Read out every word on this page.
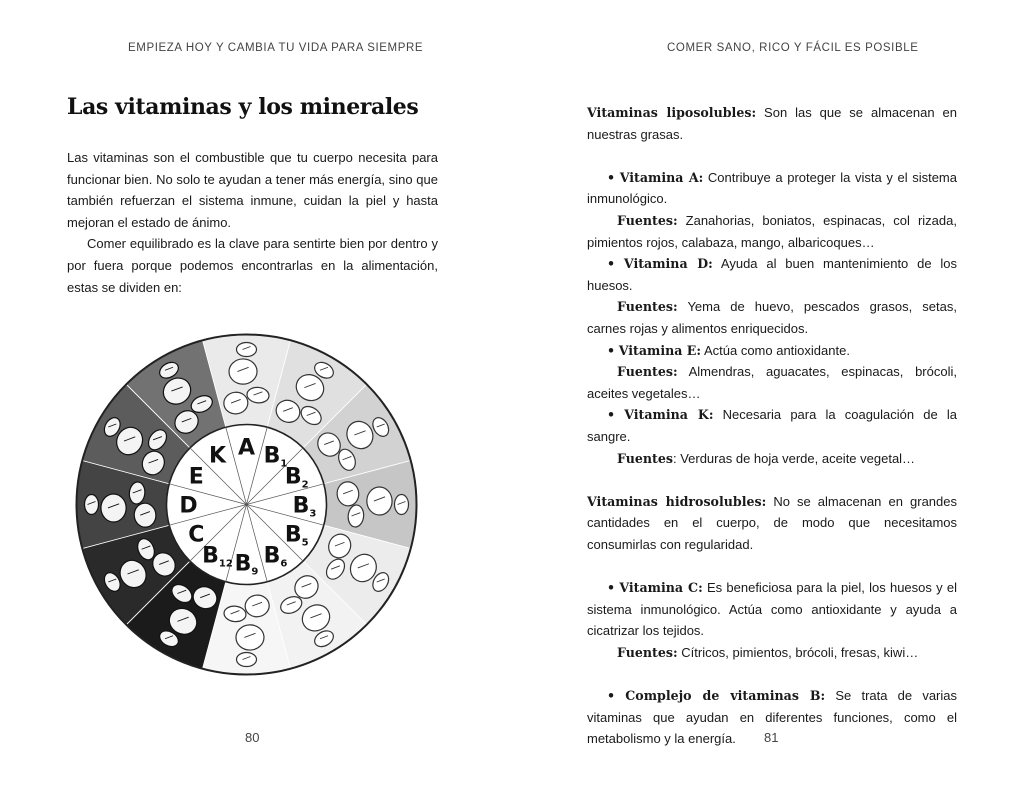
EMPIEZA HOY Y CAMBIA TU VIDA PARA SIEMPRE
Las vitaminas y los minerales

Las vitaminas son el combustible que tu cuerpo necesita para funcionar bien. No solo te ayudan a tener más energía, sino que también refuerzan el sistema inmune, cuidan la piel y hasta mejoran el estado de ánimo.

Comer equilibrado es la clave para sentirte bien por dentro y por fuera porque podemos encontrarlas en la alimentación, estas se dividen en:

A B1
B2
B3
B5
B6
B9
B12
C
D
E
K
80
COMER SANO, RICO Y FÁCIL ES POSIBLE

Vitaminas liposolubles: Son las que se almacenan en nuestras grasas.

• Vitamina A: Contribuye a proteger la vista y el sistema inmunológico.

Fuentes: Zanahorias, boniatos, espinacas, col rizada, pimientos rojos, calabaza, mango, albaricoques…

• Vitamina D: Ayuda al buen mantenimiento de los huesos.

Fuentes: Yema de huevo, pescados grasos, setas, carnes rojas y alimentos enriquecidos.

• Vitamina E: Actúa como antioxidante.

Fuentes: Almendras, aguacates, espinacas, brócoli, aceites vegetales…

• Vitamina K: Necesaria para la coagulación de la sangre.

Fuentes: Verduras de hoja verde, aceite vegetal…

Vitaminas hidrosolubles: No se almacenan en grandes cantidades en el cuerpo, de modo que necesitamos consumirlas con regularidad.

• Vitamina C: Es beneficiosa para la piel, los huesos y el sistema inmunológico. Actúa como antioxidante y ayuda a cicatrizar los tejidos.

Fuentes: Cítricos, pimientos, brócoli, fresas, kiwi…

• Complejo de vitaminas B: Se trata de varias vitaminas que ayudan en diferentes funciones, como el metabolismo y la energía.	81
